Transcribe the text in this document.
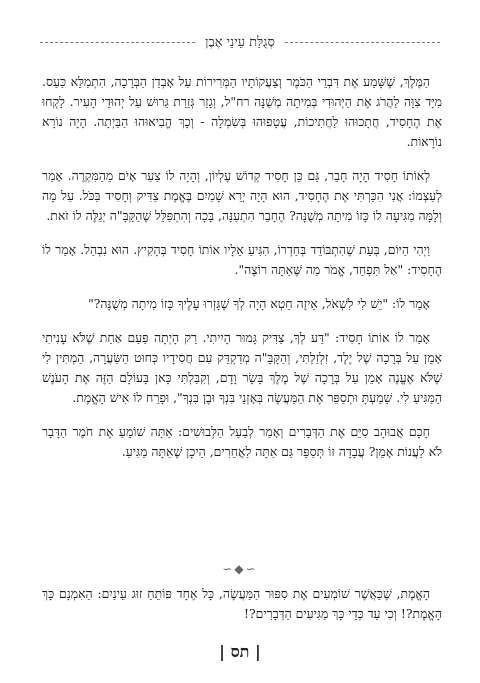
סְגֻלַּת עֵינֵי אֶבֶן

הַמֶּלֶךְ, שֶׁשָּׁמַע אֶת דִּבְרֵי הַכֹּמֶר וְצַעֲקוֹתָיו הַמְּרִירוֹת עַל אָבְדַן הַבְּרָכָה, הִתְמַלֵּא כַּעַס. מִיָּד צִוָּה לַהֲרֹג אֶת הַיְּהוּדִי בְּמִיתָה מְשֻׁנָּה רח"ל, וְגָזַר גְּזֵרַת גֵּרוּשׁ עַל יְהוּדֵי הָעִיר. לָקְחוּ אֶת הֶחָסִיד, חֲתָכוּהוּ לַחֲתִיכוֹת, עֲטָפוּהוּ בְּשִׂמְלָה - וְכָךְ הֱבִיאוּהוּ הַבַּיְתָה. הָיָה נוֹרָא נוֹרָאוֹת.

לְאוֹתוֹ חָסִיד הָיָה חָבֵר, גַּם כֵּן חָסִיד קְדוֹשׁ עֶלְיוֹן, וְהָיָה לוֹ צַעַר אָיֹם מֵהַמִּקְרֶה. אָמַר לְעַצְמוֹ: אֲנִי הִכַּרְתִּי אֶת הֶחָסִיד, הוּא הָיָה יְרֵא שָׁמַיִם בֶּאֱמֶת צַדִּיק וְחָסִיד בַּכֹּל. עַל מָה וְלָמָּה מַגִּיעָה לוֹ כָּזוֹ מִיתָה מְשֻׁנָּה? הֶחָבֵר הִתְעַנָּה, בָּכָה וְהִתְפַּלֵּל שֶׁהַקָּבָּ"ה יְגַלֶּה לוֹ זֹאת.

וַיְהִי הַיּוֹם, בְּעֵת שֶׁהִתְבּוֹדֵד בְּחַדְרוֹ, הִגִּיעַ אֵלָיו אוֹתוֹ חָסִיד בְּהָקִיץ. הוּא נִבְהַל. אָמַר לוֹ הֶחָסִיד: "אַל תִּפְחַד, אֱמֹר מַה שֶּׁאַתָּה רוֹצֶה".

אָמַר לוֹ: "יֵשׁ לִי לִשְׁאֹל, אֵיזֶה חֵטְא הָיָה לְךָ שֶׁגָּזְרוּ עָלֶיךָ כָּזוֹ מִיתָה מְשֻׁנָּה?"

אָמַר לוֹ אוֹתוֹ חָסִיד: "דַּע לְךָ, צַדִּיק גָּמוּר הָיִיתִי. רַק הָיְתָה פַּעַם אַחַת שֶׁלֹּא עָנִיתִי אָמֵן עַל בְּרָכָה שֶׁל יֶלֶד, זִלְזַלְתִּי, וְהַקָּבָּ"ה מְדַקְדֵּק עִם חֲסִידָיו כְּחוּט הַשַּׂעֲרָה, הַמְתִּין לִי שֶׁלֹּא אֶעֱנֶה אָמֵן עַל בְּרָכָה שֶׁל מֶלֶךְ בָּשָׂר וָדָם, וְקִבַּלְתִּי כָּאן בָּעוֹלָם הַזֶּה אֶת הָעֹנֶשׁ הַמַּגִּיעַ לִי. שָׁמַעְתָּ וּתְסַפֵּר אֶת הַמַּעֲשֶׂה בְּאָזְנֵי בִּנְךָ וּבֶן בִּנְךָ", וּפָרַח לוֹ אִישׁ הָאֱמֶת.

חָכָם אֲבוּהָב סִיֵּם אֶת הַדְּבָרִים וְאָמַר לְבַעַל הַלְּבוּשִׁים: אַתָּה שׁוֹמֵעַ אֶת חֹמֶר הַדָּבָר לֹא לַעֲנוֹת אָמֵן? עֲבָדָה זוֹ תְּסַפֵּר גַּם אַתָּה לַאֲחֵרִים, הֵיכָן שֶׁאַתָּה מַגִּיעַ.

∽◆∽

הָאֱמֶת, שֶׁכַּאֲשֶׁר שׁוֹמְעִים אֶת סִפּוּר הַמַּעֲשֶׂה, כָּל אֶחָד פּוֹתֵחַ זוּג עֵינַיִם: הַאִמְנָם כָּךְ הָאֱמֶת?! וְכִי עַד כְּדֵי כָּךְ מַגִּיעִים הַדְּבָרִים?!

| תס |
